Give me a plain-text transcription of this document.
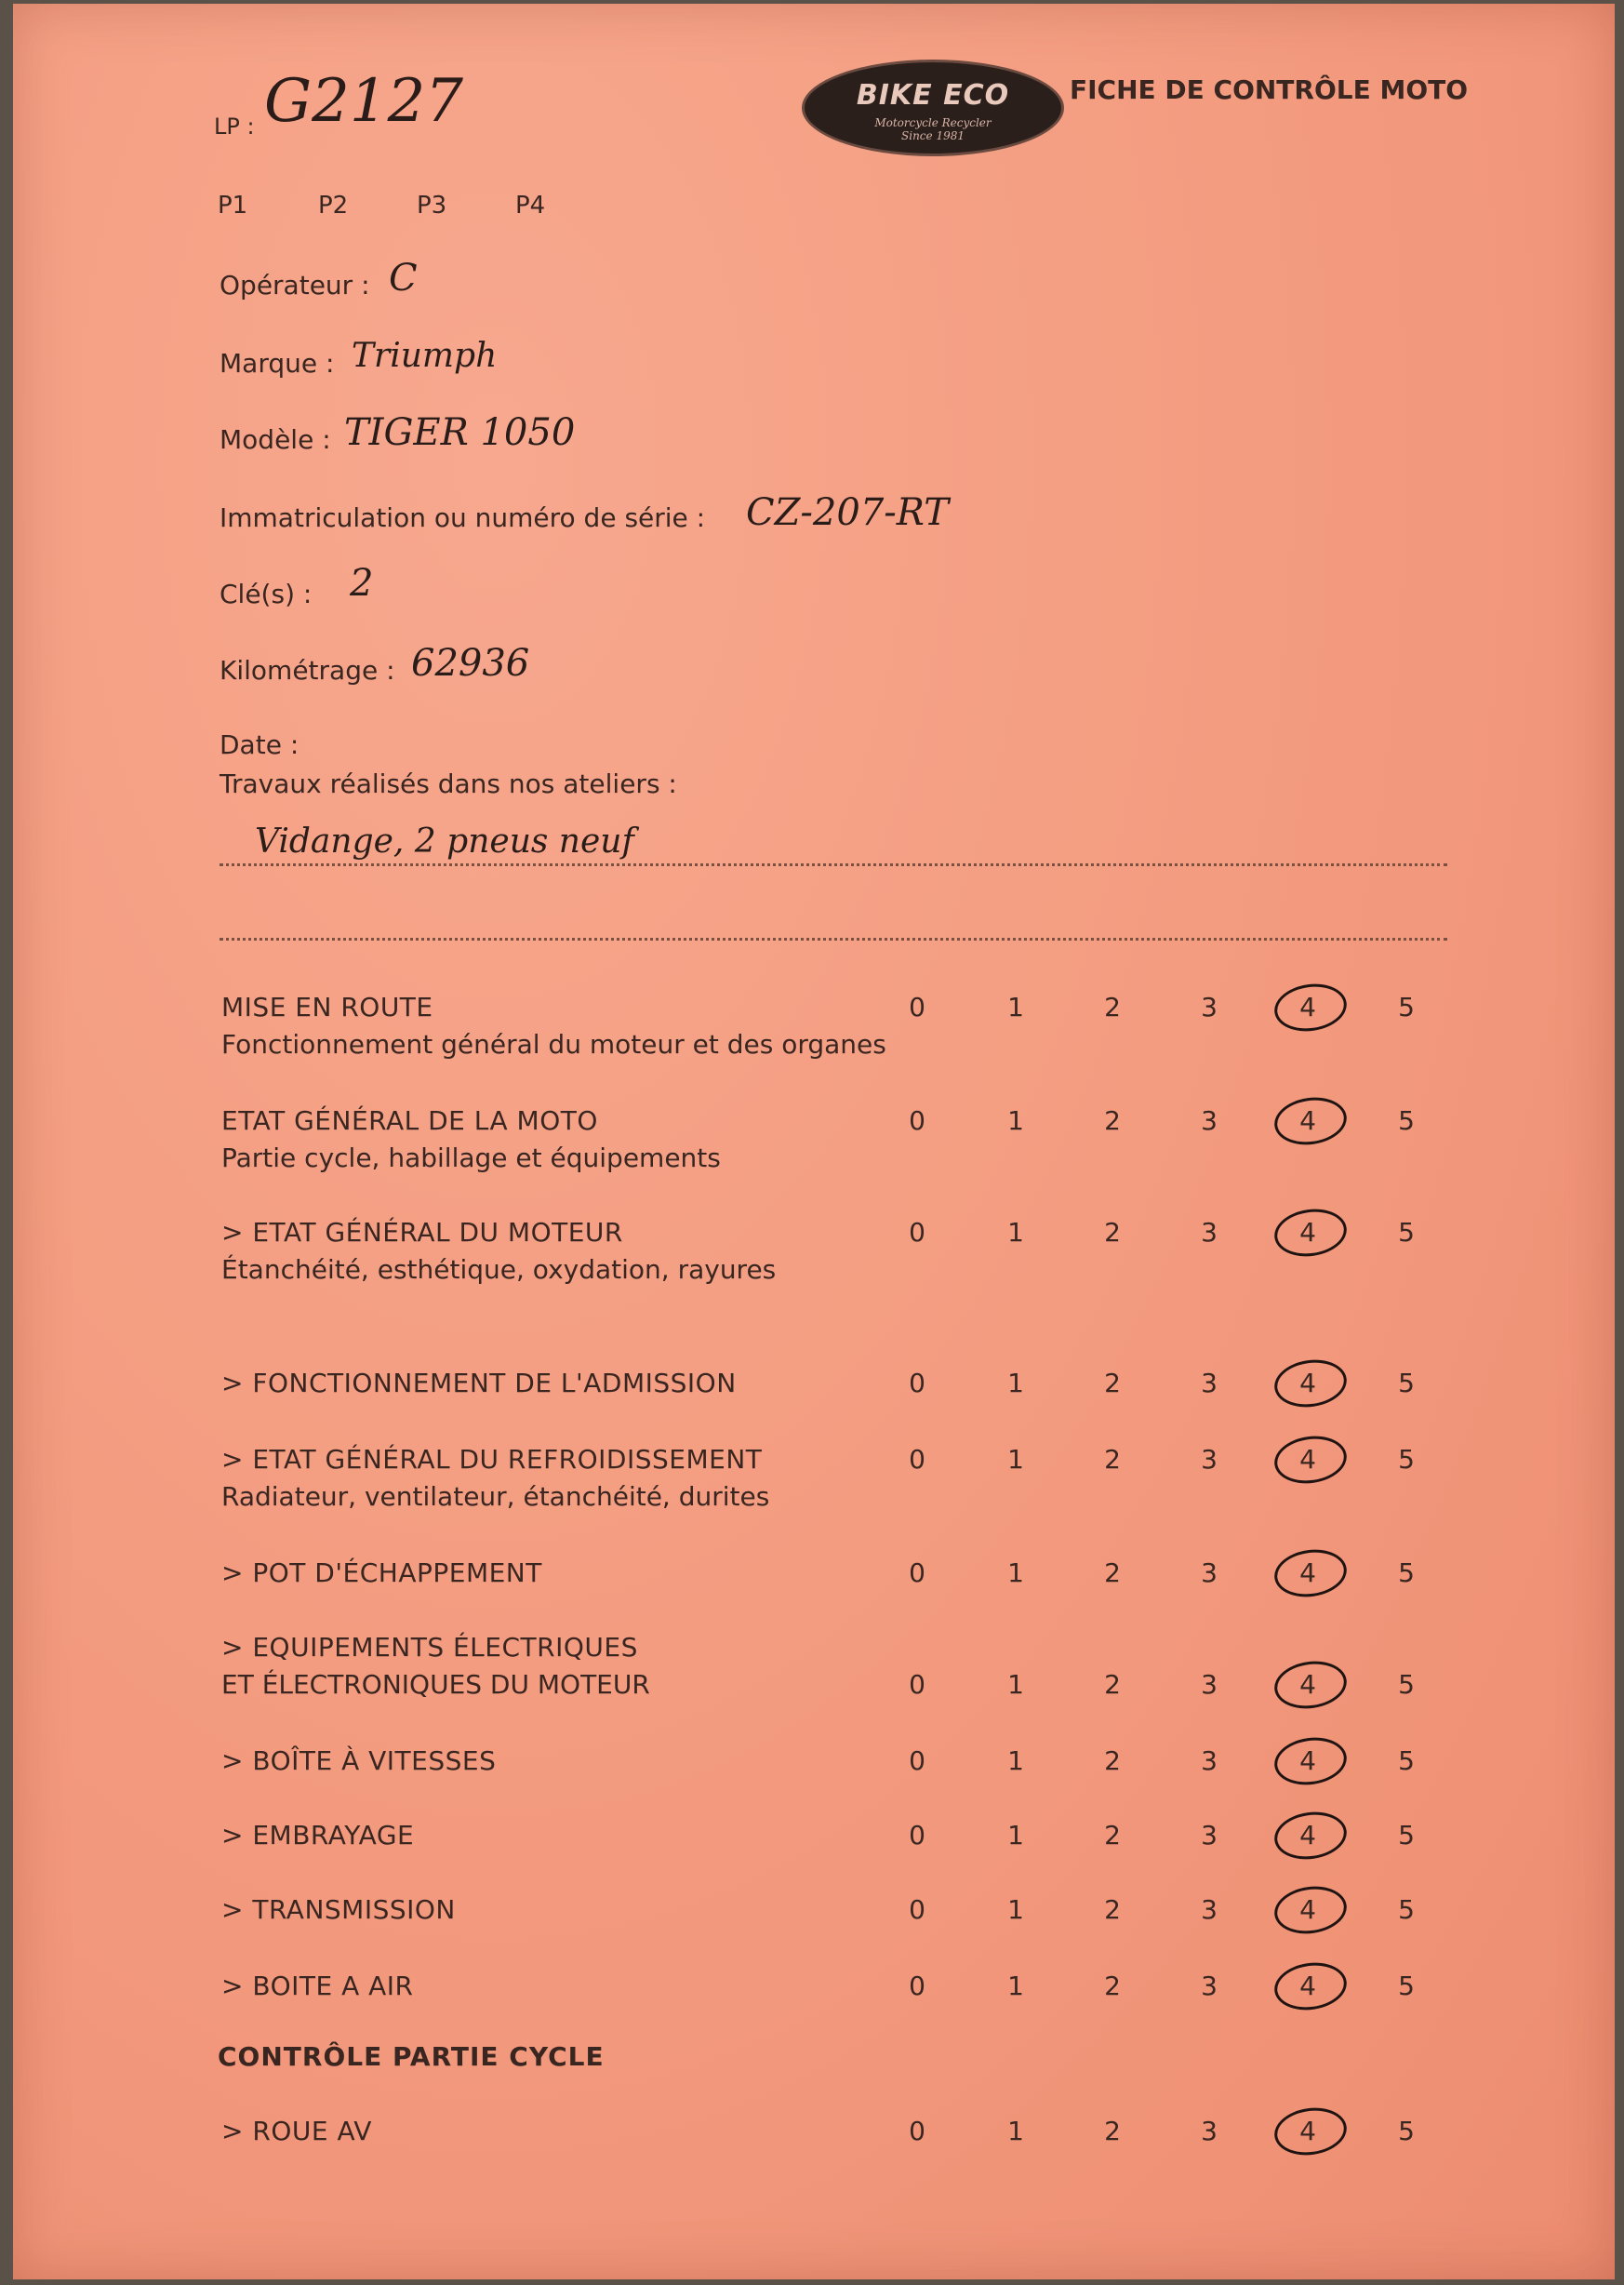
LP : G2127	BIKE ECO
Motorcycle Recycler
Since 1981
FICHE DE CONTRÔLE MOTO
P1	P2	P3	P4
Opérateur : C
Marque : Triumph
Modèle : TIGER 1050
Immatriculation ou numéro de série : CZ-207-RT
Clé(s) : 2
Kilométrage : 62936
Date :
Travaux réalisés dans nos ateliers :
Vidange, 2 pneus neuf
MISE EN ROUTE
Fonctionnement général du moteur et des organes
0	1	2	3	4	5
ETAT GÉNÉRAL DE LA MOTO
Partie cycle, habillage et équipements
0	1	2	3	4	5
> ETAT GÉNÉRAL DU MOTEUR
Étanchéité, esthétique, oxydation, rayures
0	1	2	3	4	5
> FONCTIONNEMENT DE L'ADMISSION	0	1	2	3	4	5
> ETAT GÉNÉRAL DU REFROIDISSEMENT
Radiateur, ventilateur, étanchéité, durites
0	1	2	3	4	5
> POT D'ÉCHAPPEMENT	0	1	2	3	4	5
> EQUIPEMENTS ÉLECTRIQUES
ET ÉLECTRONIQUES DU MOTEUR	0	1	2	3	4	5
> BOÎTE À VITESSES	0	1	2	3	4	5
> EMBRAYAGE	0	1	2	3	4	5
> TRANSMISSION	0	1	2	3	4	5
> BOITE A AIR	0	1	2	3	4	5
> ROUE AV	0	1	2	3	4	5
CONTRÔLE PARTIE CYCLE
